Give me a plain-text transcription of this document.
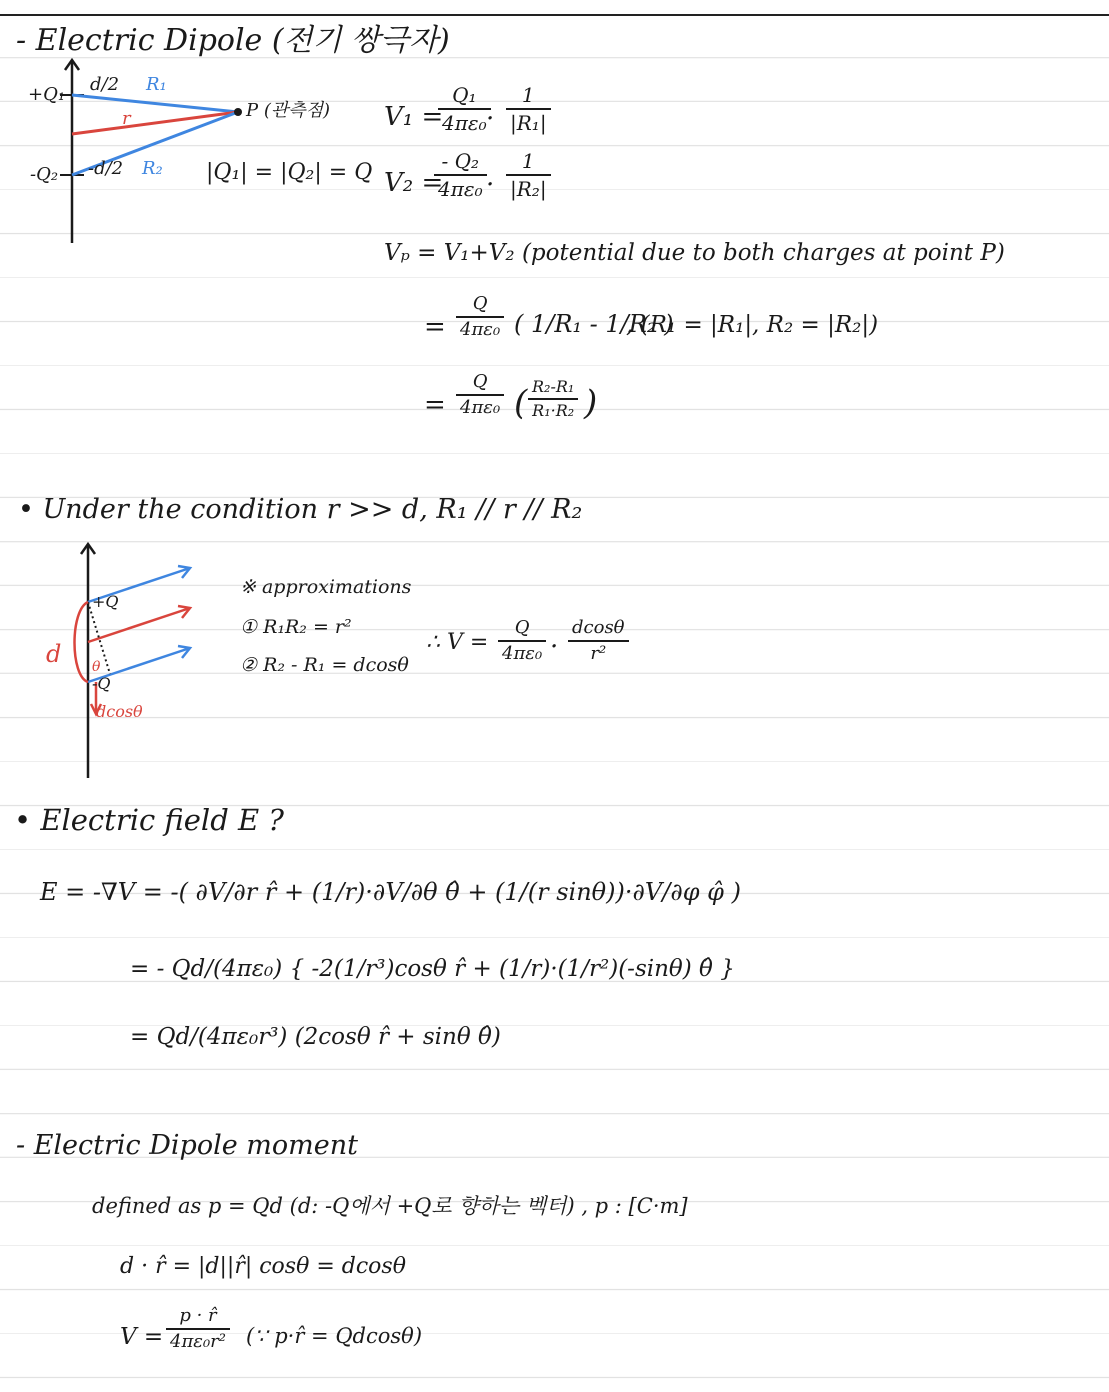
- Electric Dipole (전기 쌍극자)
+Q₁
-Q₂
d/2
-d/2
R₁
r
R₂
P (관측점)
|Q₁| = |Q₂| = Q
V₁ =
$\frac{\text{Q₁}}{\text{4πε₀}}$
· $\frac{1}{\text{|R₁|}}$
V₂ =
$\frac{\text{- Q₂}}{\text{4πε₀}} \cdot \frac{1}{\text{|R₂|}}$
Vₚ = V₁+V₂ (potential due to both charges at point P)
= $\frac{Q}{\text{4πε₀}}$ ( 1/R₁ - 1/R₂ )
, (R₁ = |R₁|, R₂ = |R₂|)
= $\frac{Q}{\text{4πε₀}}$ ( $\frac{\text{R₂-R₁}}{\text{R₁·R₂}}$ )
• Under the condition r >> d, R₁ // r // R₂
+Q
-Q
d θ
dcosθ
※ approximations
① R₁R₂ = r²
② R₂ - R₁ = dcosθ
∴ $V = \frac{Q}{\text{4πε₀}} \cdot \frac{dcos\theta}{\text{r²}}$
• Electric field E ?
E = -∇V = -( ∂V/∂r r̂ + (1/r)·∂V/∂θ θ̂ + (1/(r sinθ))·∂V/∂φ φ̂ )
= - Qd/(4πε₀) { -2(1/r³)cosθ r̂ + (1/r)·(1/r²)(-sinθ) θ̂ }
= Qd/(4πε₀r³) (2cosθ r̂ + sinθ θ̂)
- Electric Dipole moment
defined as p = Qd (d: -Q에서 +Q로 향하는 벡터) , p : [C·m]
d · r̂ = |d||r̂| cosθ = dcosθ
$V = \frac{p \cdot r̂}{\text{4πε₀r²}}$ (∵ p·r̂ = Qdcosθ)
